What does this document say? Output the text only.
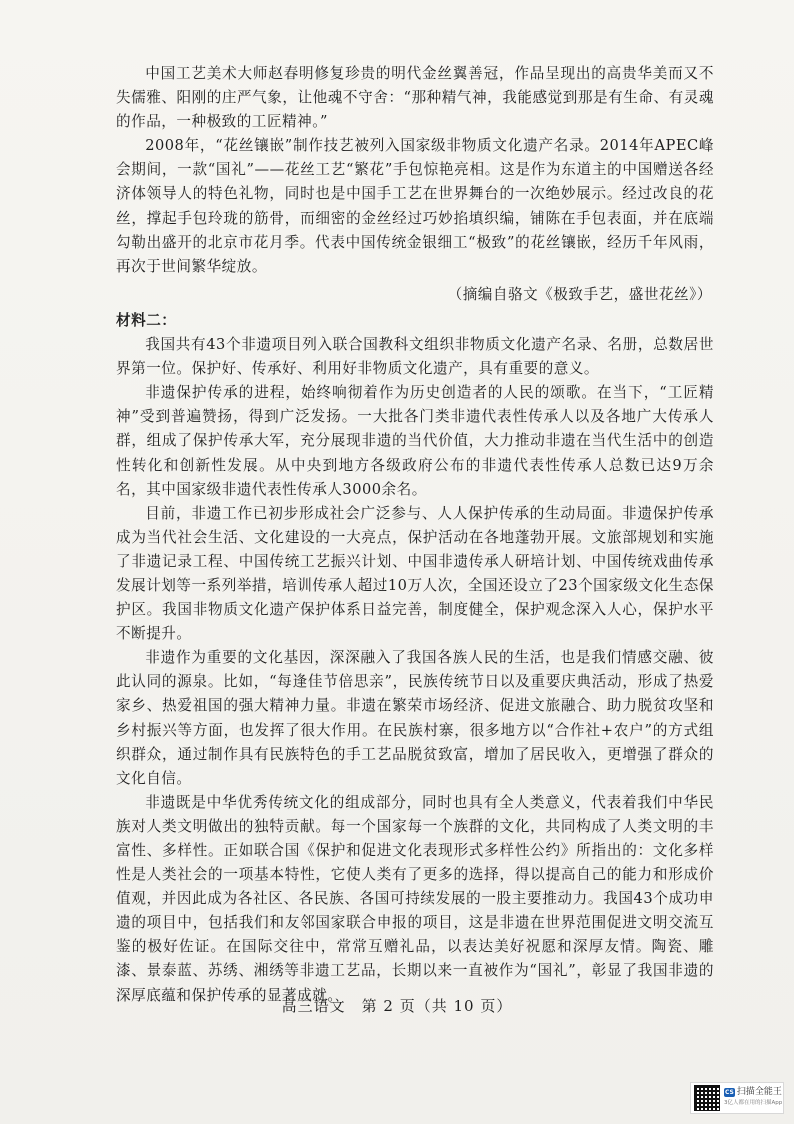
中国工艺美术大师赵春明修复珍贵的明代金丝翼善冠，作品呈现出的高贵华美而又不失儒雅、阳刚的庄严气象，让他魂不守舍：“那种精气神，我能感觉到那是有生命、有灵魂的作品，一种极致的工匠精神。”

2008年，“花丝镶嵌”制作技艺被列入国家级非物质文化遗产名录。2014年APEC峰会期间，一款“国礼”——花丝工艺“繁花”手包惊艳亮相。这是作为东道主的中国赠送各经济体领导人的特色礼物，同时也是中国手工艺在世界舞台的一次绝妙展示。经过改良的花丝，撑起手包玲珑的筋骨，而细密的金丝经过巧妙掐填织编，铺陈在手包表面，并在底端勾勒出盛开的北京市花月季。代表中国传统金银细工“极致”的花丝镶嵌，经历千年风雨，再次于世间繁华绽放。

（摘编自骆文《极致手艺，盛世花丝》）

材料二：

我国共有43个非遗项目列入联合国教科文组织非物质文化遗产名录、名册，总数居世界第一位。保护好、传承好、利用好非物质文化遗产，具有重要的意义。

非遗保护传承的进程，始终响彻着作为历史创造者的人民的颂歌。在当下，“工匠精神”受到普遍赞扬，得到广泛发扬。一大批各门类非遗代表性传承人以及各地广大传承人群，组成了保护传承大军，充分展现非遗的当代价值，大力推动非遗在当代生活中的创造性转化和创新性发展。从中央到地方各级政府公布的非遗代表性传承人总数已达9万余名，其中国家级非遗代表性传承人3000余名。

目前，非遗工作已初步形成社会广泛参与、人人保护传承的生动局面。非遗保护传承成为当代社会生活、文化建设的一大亮点，保护活动在各地蓬勃开展。文旅部规划和实施了非遗记录工程、中国传统工艺振兴计划、中国非遗传承人研培计划、中国传统戏曲传承发展计划等一系列举措，培训传承人超过10万人次，全国还设立了23个国家级文化生态保护区。我国非物质文化遗产保护体系日益完善，制度健全，保护观念深入人心，保护水平不断提升。

非遗作为重要的文化基因，深深融入了我国各族人民的生活，也是我们情感交融、彼此认同的源泉。比如，“每逢佳节倍思亲”，民族传统节日以及重要庆典活动，形成了热爱家乡、热爱祖国的强大精神力量。非遗在繁荣市场经济、促进文旅融合、助力脱贫攻坚和乡村振兴等方面，也发挥了很大作用。在民族村寨，很多地方以“合作社+农户”的方式组织群众，通过制作具有民族特色的手工艺品脱贫致富，增加了居民收入，更增强了群众的文化自信。

非遗既是中华优秀传统文化的组成部分，同时也具有全人类意义，代表着我们中华民族对人类文明做出的独特贡献。每一个国家每一个族群的文化，共同构成了人类文明的丰富性、多样性。正如联合国《保护和促进文化表现形式多样性公约》所指出的：文化多样性是人类社会的一项基本特性，它使人类有了更多的选择，得以提高自己的能力和形成价值观，并因此成为各社区、各民族、各国可持续发展的一股主要推动力。我国43个成功申遗的项目中，包括我们和友邻国家联合申报的项目，这是非遗在世界范围促进文明交流互鉴的极好佐证。在国际交往中，常常互赠礼品，以表达美好祝愿和深厚友情。陶瓷、雕漆、景泰蓝、苏绣、湘绣等非遗工艺品，长期以来一直被作为“国礼”，彰显了我国非遗的深厚底蕴和保护传承的显著成就。

高三语文　第 2 页（共 10 页）
CS 扫描全能王
3亿人都在用的扫描App
